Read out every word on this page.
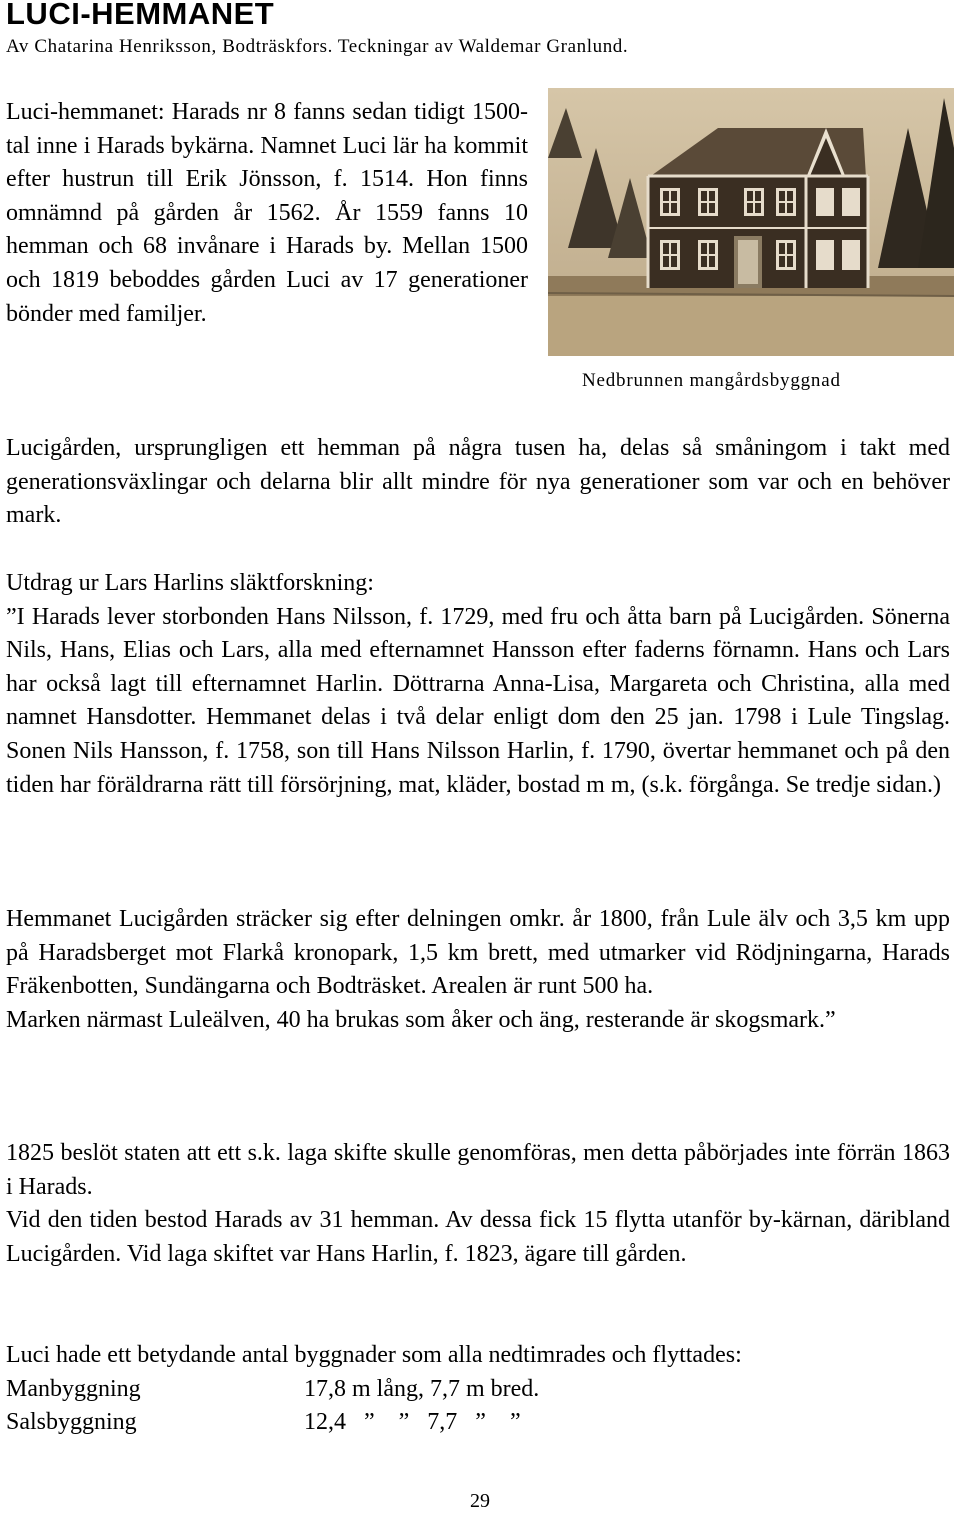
LUCI-HEMMANET
Av Chatarina Henriksson, Bodträskfors. Teckningar av Waldemar Granlund.
Luci-hemmanet: Harads nr 8 fanns sedan tidigt 1500-tal inne i Harads bykärna. Namnet Luci lär ha kommit efter hustrun till Erik Jönsson, f. 1514. Hon finns omnämnd på gården år 1562. År 1559 fanns 10 hemman och 68 invånare i Harads by. Mellan 1500 och 1819 beboddes gården Luci av 17 generationer bönder med familjer.
Nedbrunnen mangårdsbyggnad

Lucigården, ursprungligen ett hemman på några tusen ha, delas så småningom i takt med generationsväxlingar och delarna blir allt mindre för nya generationer som var och en behöver mark.

Utdrag ur Lars Harlins släktforskning:

”I Harads lever storbonden Hans Nilsson, f. 1729, med fru och åtta barn på Lucigården. Sönerna Nils, Hans, Elias och Lars, alla med efternamnet Hansson efter faderns förnamn. Hans och Lars har också lagt till efternamnet Harlin. Döttrarna Anna-Lisa, Margareta och Christina, alla med namnet Hansdotter. Hemmanet delas i två delar enligt dom den 25 jan. 1798 i Lule Tingslag. Sonen Nils Hansson, f. 1758, son till Hans Nilsson Harlin, f. 1790, övertar hemmanet och på den tiden har föräldrarna rätt till försörjning, mat, kläder, bostad m m, (s.k. förgånga. Se tredje sidan.)

Hemmanet Lucigården sträcker sig efter delningen omkr. år 1800, från Lule älv och 3,5 km upp på Haradsberget mot Flarkå kronopark, 1,5 km brett, med utmarker vid Rödjningarna, Harads Fräkenbotten, Sundängarna och Bodträsket. Arealen är runt 500 ha.

Marken närmast Luleälven, 40 ha brukas som åker och äng, resterande är skogsmark.”

1825 beslöt staten att ett s.k. laga skifte skulle genomföras, men detta påbörjades inte förrän 1863 i Harads.

Vid den tiden bestod Harads av 31 hemman. Av dessa fick 15 flytta utanför by-kärnan, däribland Lucigården. Vid laga skiftet var Hans Harlin, f. 1823, ägare till gården.

Luci hade ett betydande antal byggnader som alla nedtimrades och flyttades:

Manbyggning	17,8 m lång, 7,7 m bred.
Salsbyggning	12,4   ”    ”   7,7   ”    ”
29
